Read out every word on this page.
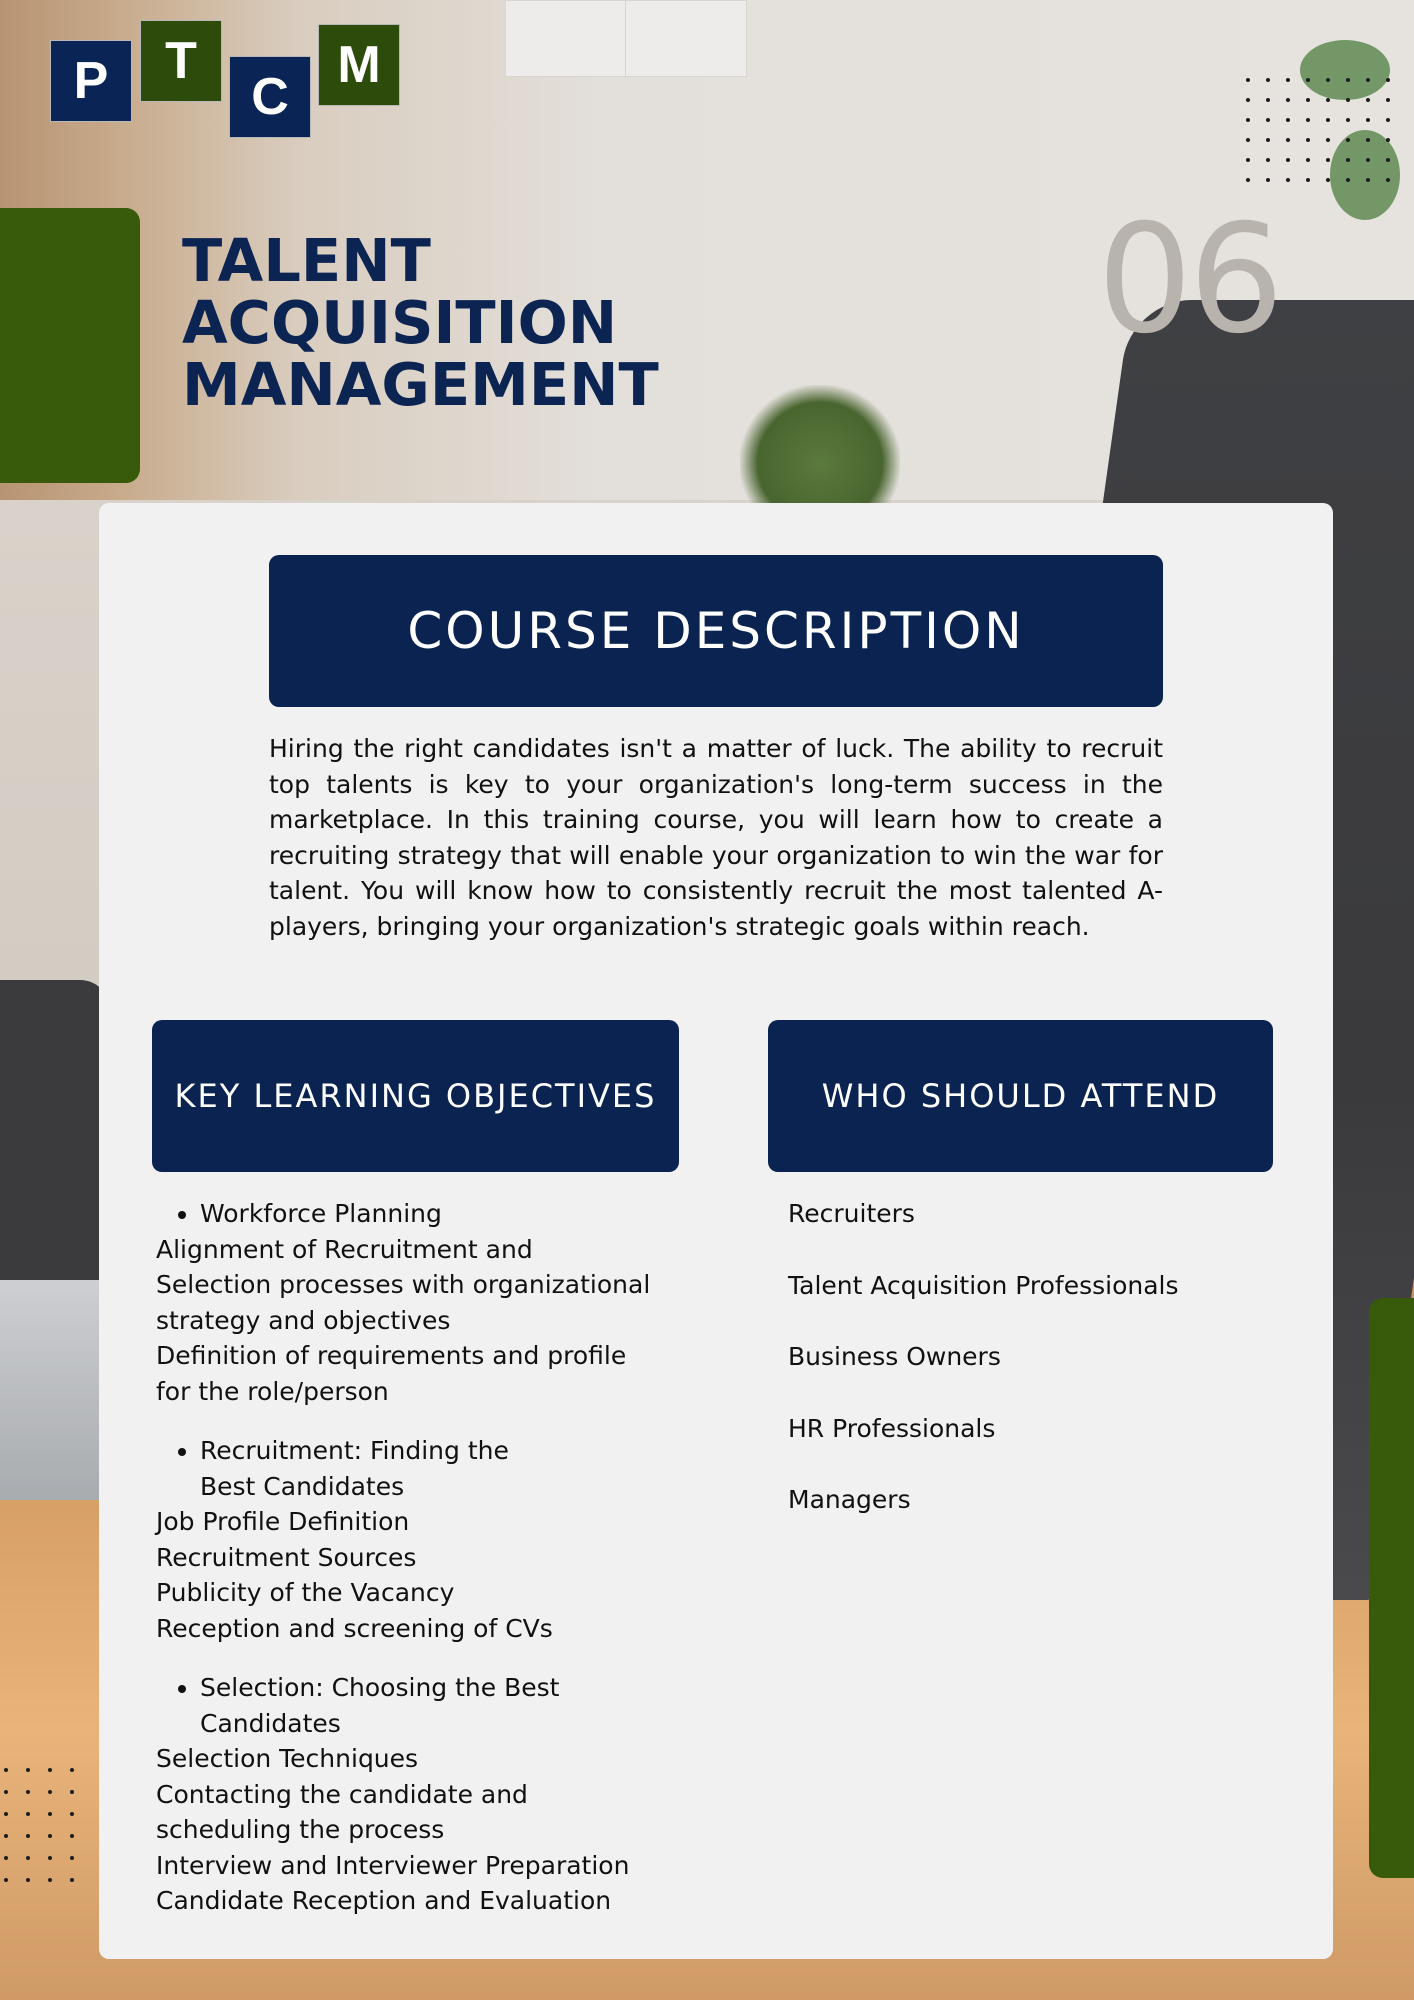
P T
C
M
TALENT
ACQUISITION
MANAGEMENT
06
COURSE DESCRIPTION

Hiring the right candidates isn't a matter of luck. The ability to recruit top talents is key to your organization's long-term success in the marketplace. In this training course, you will learn how to create a recruiting strategy that will enable your organization to win the war for talent. You will know how to consistently recruit the most talented A-players, bringing your organization's strategic goals within reach.

KEY LEARNING OBJECTIVES	WHO SHOULD ATTEND
• Workforce Planning
Alignment of Recruitment and
Selection processes with organizational
strategy and objectives
Definition of requirements and profile
for the role/person
• Recruitment: Finding the Best Candidates
Job Profile Definition
Recruitment Sources
Publicity of the Vacancy
Reception and screening of CVs
• Selection: Choosing the Best Candidates
Selection Techniques
Contacting the candidate and
scheduling the process
Interview and Interviewer Preparation
Candidate Reception and Evaluation
Recruiters
Talent Acquisition Professionals
Business Owners
HR Professionals
Managers
